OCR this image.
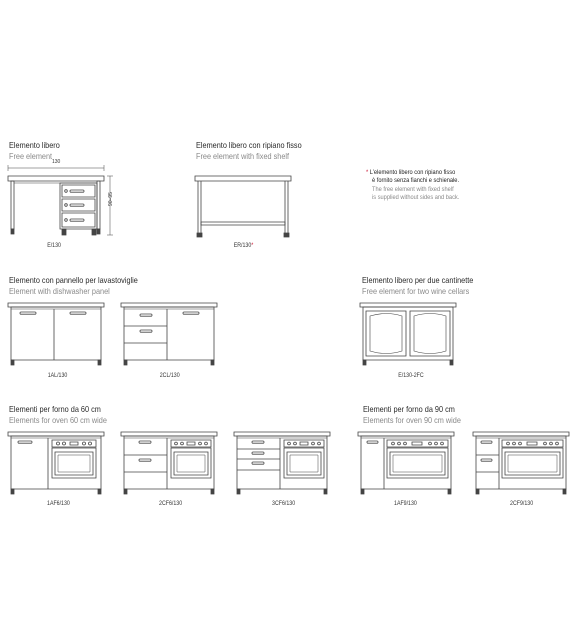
Elemento libero
Free element
130
90–95
E/130
Elemento libero con ripiano fisso
Free element with fixed shelf
ER/130*
* L’elemento libero con ripiano fisso
è fornito senza fianchi e schienale.
The free element with fixed shelf
is supplied without sides and back.
Elemento con pannello per lavastoviglie
Element with dishwasher panel
1AL/130	2CL/130
Elemento libero per due cantinette
Free element for two wine cellars
E/130-2FC
Elementi per forno da 60 cm
Elements for oven 60 cm wide
1AF6/130	2CF6/130	3CF6/130
Elementi per forno da 90 cm
Elements for oven 90 cm wide
1AF9/130	2CF9/130
